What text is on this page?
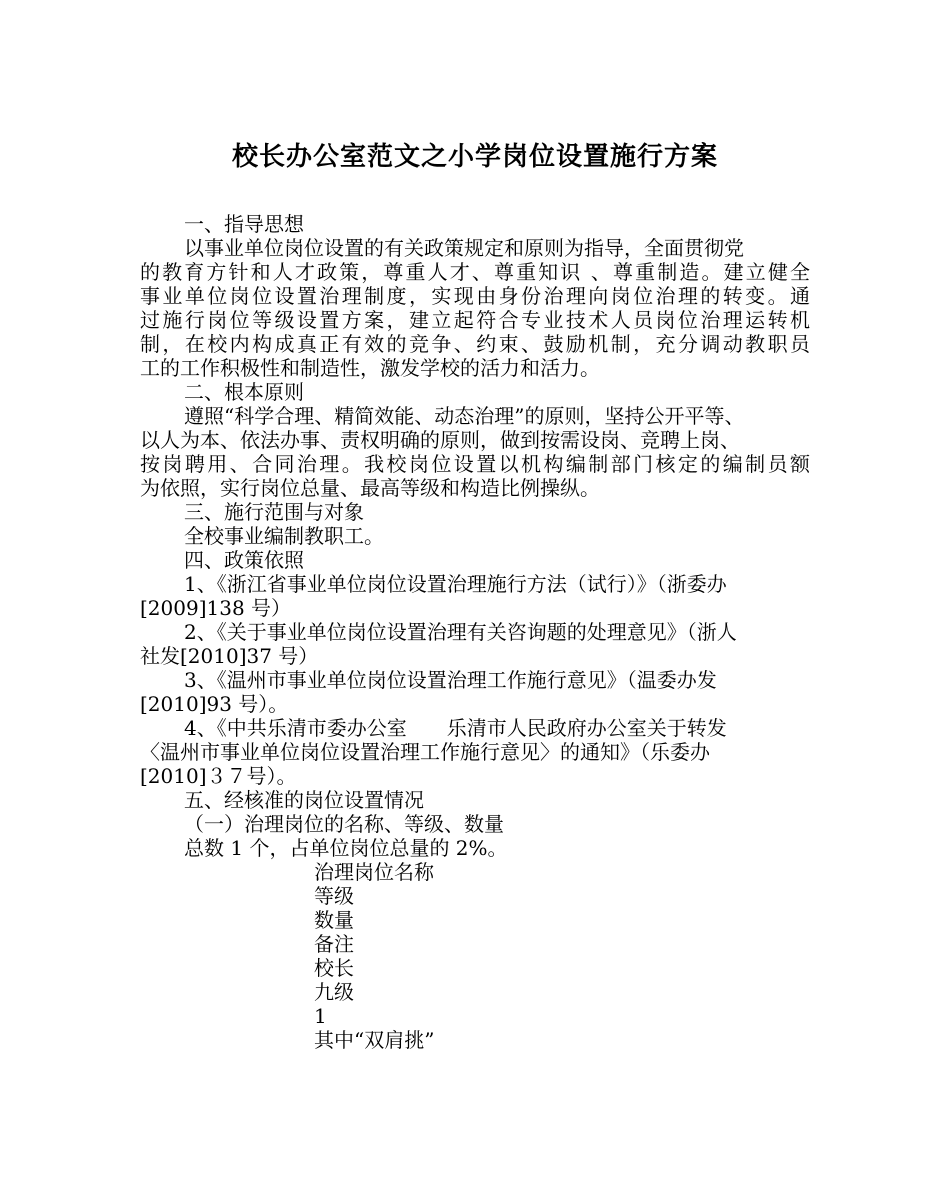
校长办公室范文之小学岗位设置施行方案
一、指导思想
以事业单位岗位设置的有关政策规定和原则为指导，全面贯彻党
的教育方针和人才政策，尊重人才、尊重知识 、尊重制造。建立健全
事业单位岗位设置治理制度，实现由身份治理向岗位治理的转变。通
过施行岗位等级设置方案，建立起符合专业技术人员岗位治理运转机
制，在校内构成真正有效的竞争、约束、鼓励机制，充分调动教职员
工的工作积极性和制造性，激发学校的活力和活力。
二、根本原则
遵照“科学合理、精简效能、动态治理”的原则，坚持公开平等、
以人为本、依法办事、责权明确的原则，做到按需设岗、竞聘上岗、
按岗聘用、合同治理。我校岗位设置以机构编制部门核定的编制员额
为依照，实行岗位总量、最高等级和构造比例操纵。
三、施行范围与对象
全校事业编制教职工。
四、政策依照
1、《浙江省事业单位岗位设置治理施行方法（试行）》（浙委办
[2009]138 号）
2、《关于事业单位岗位设置治理有关咨询题的处理意见》（浙人
社发[2010]37 号）
3、《温州市事业单位岗位设置治理工作施行意见》（温委办发
[2010]93 号）。
4、《中共乐清市委办公室　　乐清市人民政府办公室关于转发
〈温州市事业单位岗位设置治理工作施行意见〉的通知》（乐委办
[2010]３７号）。
五、经核准的岗位设置情况
（一）治理岗位的名称、等级、数量
总数 1 个，占单位岗位总量的 2%。
治理岗位名称
等级
数量
备注
校长
九级
1
其中“双肩挑”
